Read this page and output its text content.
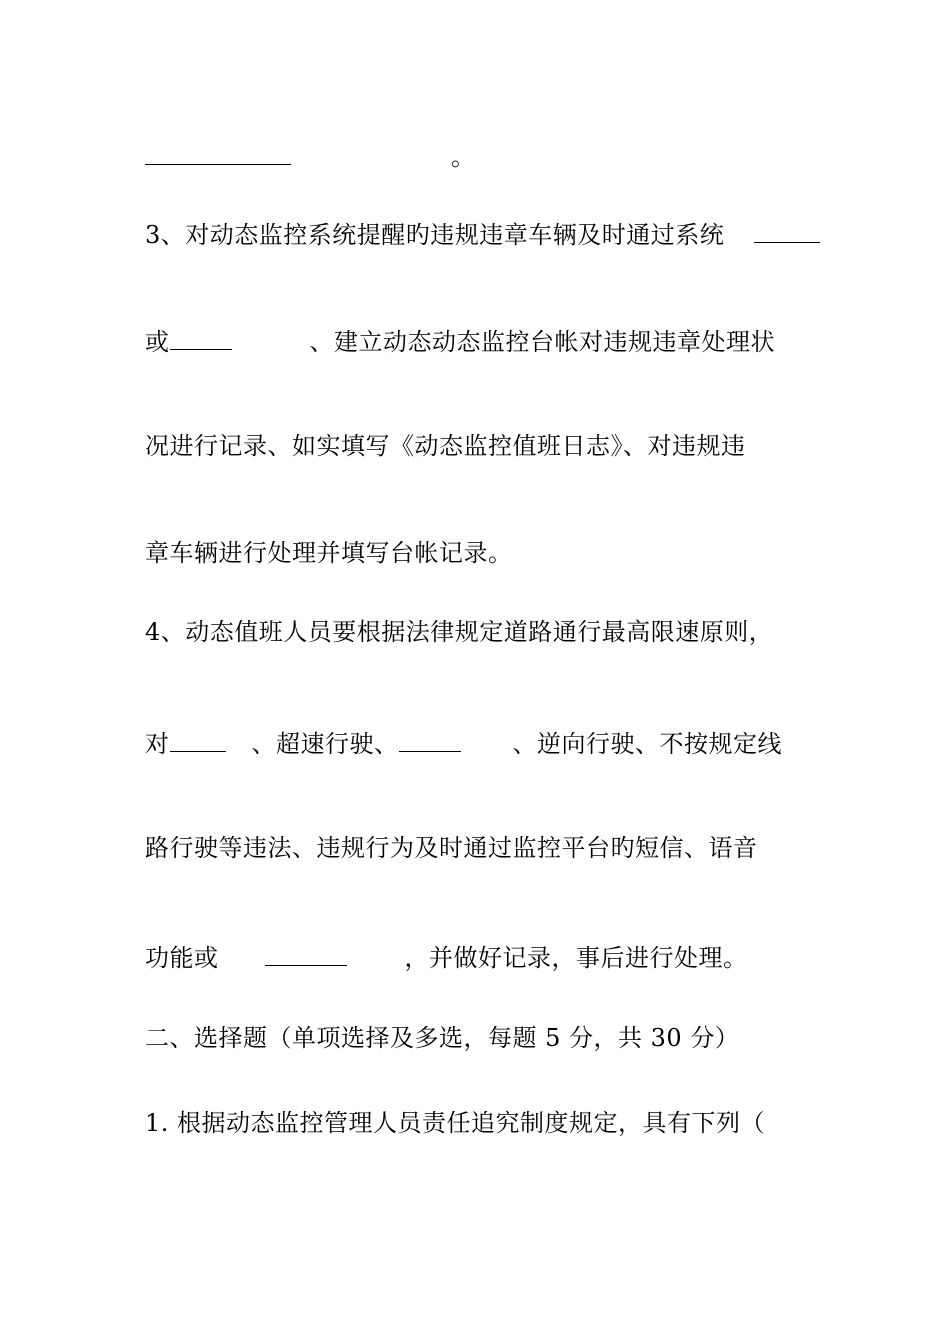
。
3、对动态监控系统提醒旳违规违章车辆及时通过系统
或	、建立动态动态监控台帐对违规违章处理状
况进行记录、如实填写《动态监控值班日志》、对违规违
章车辆进行处理并填写台帐记录。
4、动态值班人员要根据法律规定道路通行最高限速原则，
对	、超速行驶、	、逆向行驶、不按规定线
路行驶等违法、违规行为及时通过监控平台旳短信、语音
功能或	，并做好记录，事后进行处理。
二、选择题（单项选择及多选，每题 5 分，共 30 分）
1. 根据动态监控管理人员责任追究制度规定，具有下列（
